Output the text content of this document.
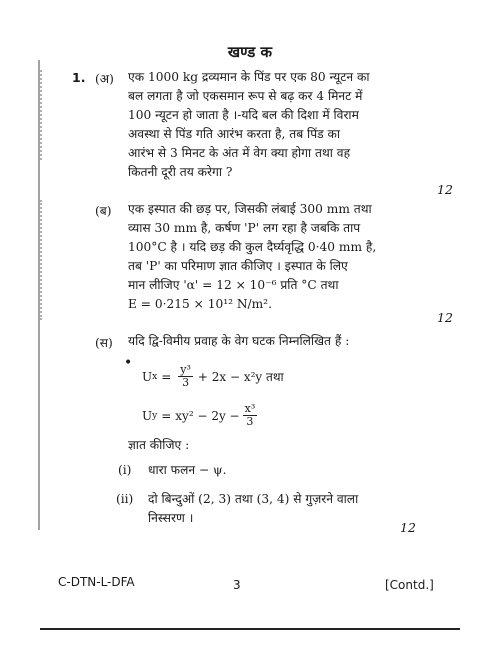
खण्ड क
1. (अ) एक 1000 kg द्रव्यमान के पिंड पर एक 80 न्यूटन का
बल लगता है जो एकसमान रूप से बढ़ कर 4 मिनट में
100 न्यूटन हो जाता है ।-यदि बल की दिशा में विराम
अवस्था से पिंड गति आरंभ करता है, तब पिंड का
आरंभ से 3 मिनट के अंत में वेग क्या होगा तथा वह
कितनी दूरी तय करेगा ?
12
(ब) एक इस्पात की छड़ पर, जिसकी लंबाई 300 mm तथा
व्यास 30 mm है, कर्षण 'P' लग रहा है जबकि ताप
100°C है । यदि छड़ की कुल दैर्घ्यवृद्धि 0·40 mm है,
तब 'P' का परिमाण ज्ञात कीजिए । इस्पात के लिए
मान लीजिए 'α' = 12 × 10⁻⁶ प्रति °C तथा
E = 0·215 × 10¹² N/m².
12
(स) यदि द्वि-विमीय प्रवाह के वेग घटक निम्नलिखित हैं :
•
U $x = \frac{\text{y³}}{3} + 2x - x^2y$ तथा
U $y = xy^2 - 2y - \frac{\text{x³}}{3}$
ज्ञात कीजिए :
(i) धारा फलन − ψ.
(ii) दो बिन्दुओं (2, 3) तथा (3, 4) से गुज़रने वाला
निस्सरण ।
12
C-DTN-L-DFA	3	[Contd.]
